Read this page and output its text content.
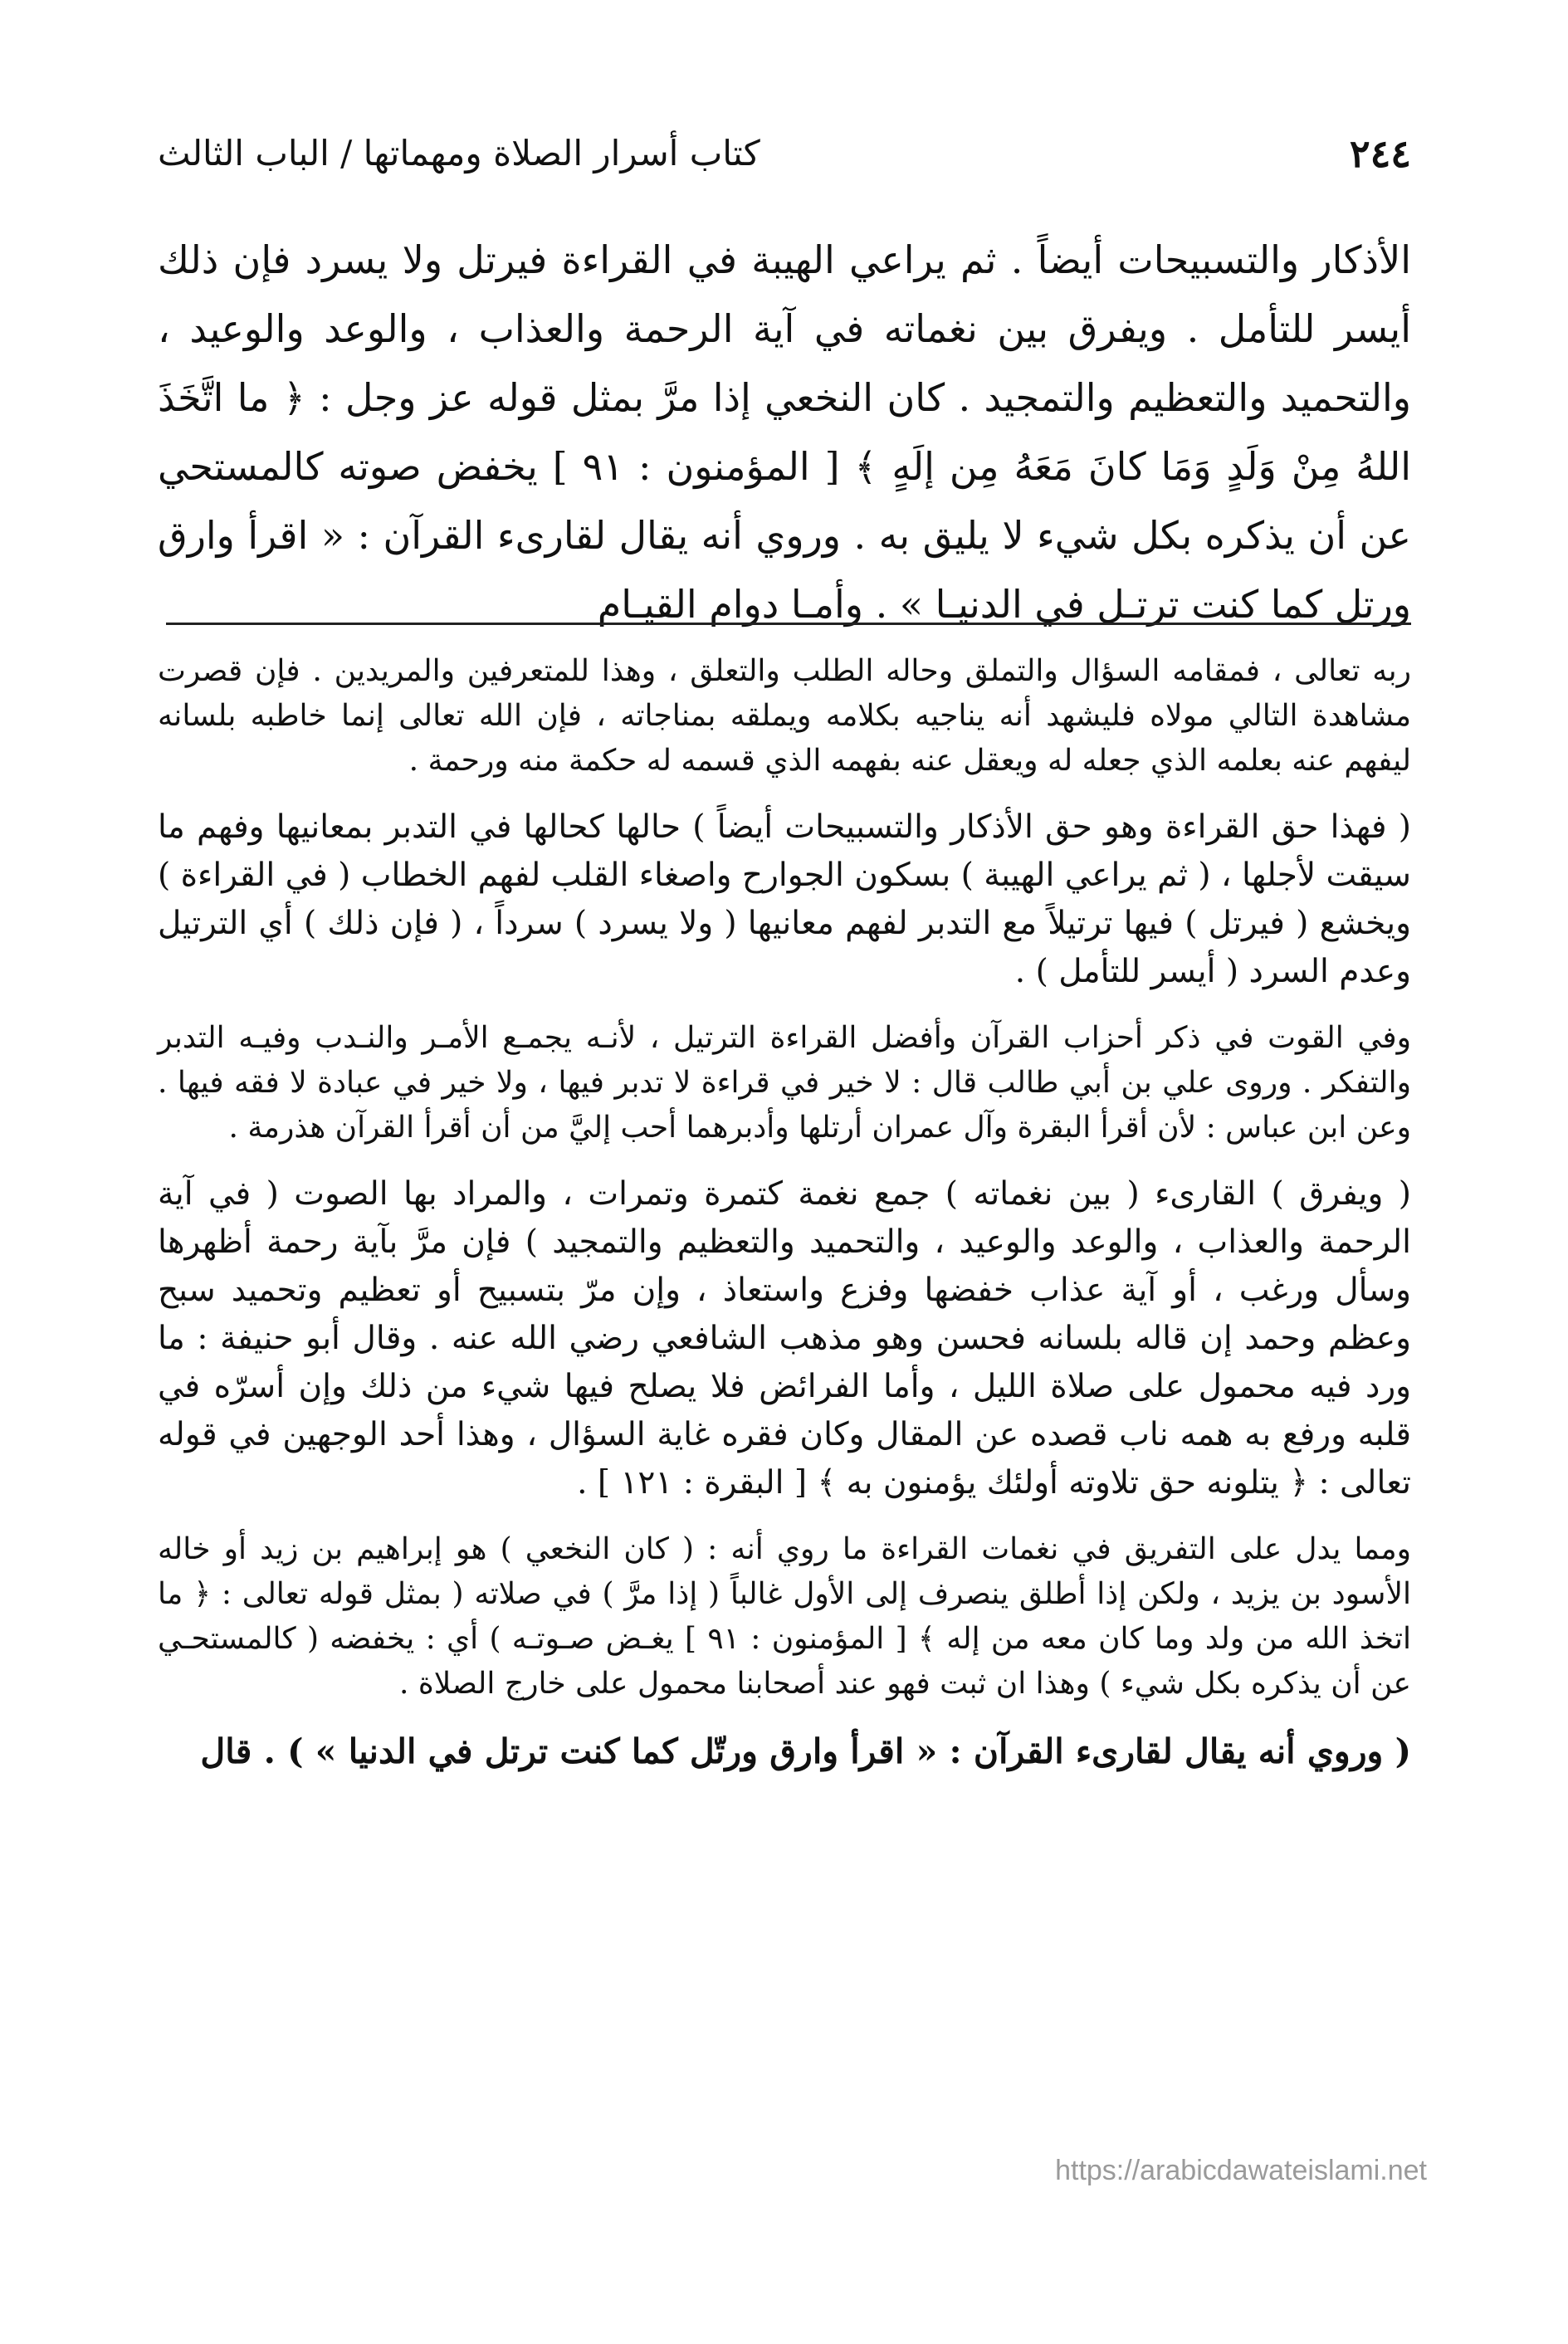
٢٤٤
كتاب أسرار الصلاة ومهماتها / الباب الثالث

الأذكار والتسبيحات أيضاً . ثم يراعي الهيبة في القراءة فيرتل ولا يسرد فإن ذلك أيسر للتأمل . ويفرق بين نغماته في آية الرحمة والعذاب ، والوعد والوعيد ، والتحميد والتعظيم والتمجيد . كان النخعي إذا مرَّ بمثل قوله عز وجل : ﴿ ما اتَّخَذَ اللهُ مِنْ وَلَدٍ وَمَا كانَ مَعَهُ مِن إلَهٍ ﴾ [ المؤمنون : ٩١ ] يخفض صوته كالمستحي عن أن يذكره بكل شيء لا يليق به . وروي أنه يقال لقارىء القرآن : « اقرأ وارق ورتل كما كنت ترتـل في الدنيـا » . وأمـا دوام القيـام

ربه تعالى ، فمقامه السؤال والتملق وحاله الطلب والتعلق ، وهذا للمتعرفين والمريدين . فإن قصرت مشاهدة التالي مولاه فليشهد أنه يناجيه بكلامه ويملقه بمناجاته ، فإن الله تعالى إنما خاطبه بلسانه ليفهم عنه بعلمه الذي جعله له ويعقل عنه بفهمه الذي قسمه له حكمة منه ورحمة .

( فهذا حق القراءة وهو حق الأذكار والتسبيحات أيضاً ) حالها كحالها في التدبر بمعانيها وفهم ما سيقت لأجلها ، ( ثم يراعي الهيبة ) بسكون الجوارح واصغاء القلب لفهم الخطاب ( في القراءة ) ويخشع ( فيرتل ) فيها ترتيلاً مع التدبر لفهم معانيها ( ولا يسرد ) سرداً ، ( فإن ذلك ) أي الترتيل وعدم السرد ( أيسر للتأمل ) .

وفي القوت في ذكر أحزاب القرآن وأفضل القراءة الترتيل ، لأنـه يجمـع الأمـر والنـدب وفيـه التدبر والتفكر . وروى علي بن أبي طالب قال : لا خير في قراءة لا تدبر فيها ، ولا خير في عبادة لا فقه فيها . وعن ابن عباس : لأن أقرأ البقرة وآل عمران أرتلها وأدبرهما أحب إليَّ من أن أقرأ القرآن هذرمة .

( ويفرق ) القارىء ( بين نغماته ) جمع نغمة كتمرة وتمرات ، والمراد بها الصوت ( في آية الرحمة والعذاب ، والوعد والوعيد ، والتحميد والتعظيم والتمجيد ) فإن مرَّ بآية رحمة أظهرها وسأل ورغب ، أو آية عذاب خفضها وفزع واستعاذ ، وإن مرّ بتسبيح أو تعظيم وتحميد سبح وعظم وحمد إن قاله بلسانه فحسن وهو مذهب الشافعي رضي الله عنه . وقال أبو حنيفة : ما ورد فيه محمول على صلاة الليل ، وأما الفرائض فلا يصلح فيها شيء من ذلك وإن أسرّه في قلبه ورفع به همه ناب قصده عن المقال وكان فقره غاية السؤال ، وهذا أحد الوجهين في قوله تعالى : ﴿ يتلونه حق تلاوته أولئك يؤمنون به ﴾ [ البقرة : ١٢١ ] .

ومما يدل على التفريق في نغمات القراءة ما روي أنه : ( كان النخعي ) هو إبراهيم بن زيد أو خاله الأسود بن يزيد ، ولكن إذا أطلق ينصرف إلى الأول غالباً ( إذا مرَّ ) في صلاته ( بمثل قوله تعالى : ﴿ ما اتخذ الله من ولد وما كان معه من إله ﴾ [ المؤمنون : ٩١ ] يغـض صـوتـه ) أي : يخفضه ( كالمستحـي عن أن يذكره بكل شيء ) وهذا ان ثبت فهو عند أصحابنا محمول على خارج الصلاة .

( وروي أنه يقال لقارىء القرآن : « اقرأ وارق ورتّل كما كنت ترتل في الدنيا » ) . قال

https://arabicdawateislami.net
